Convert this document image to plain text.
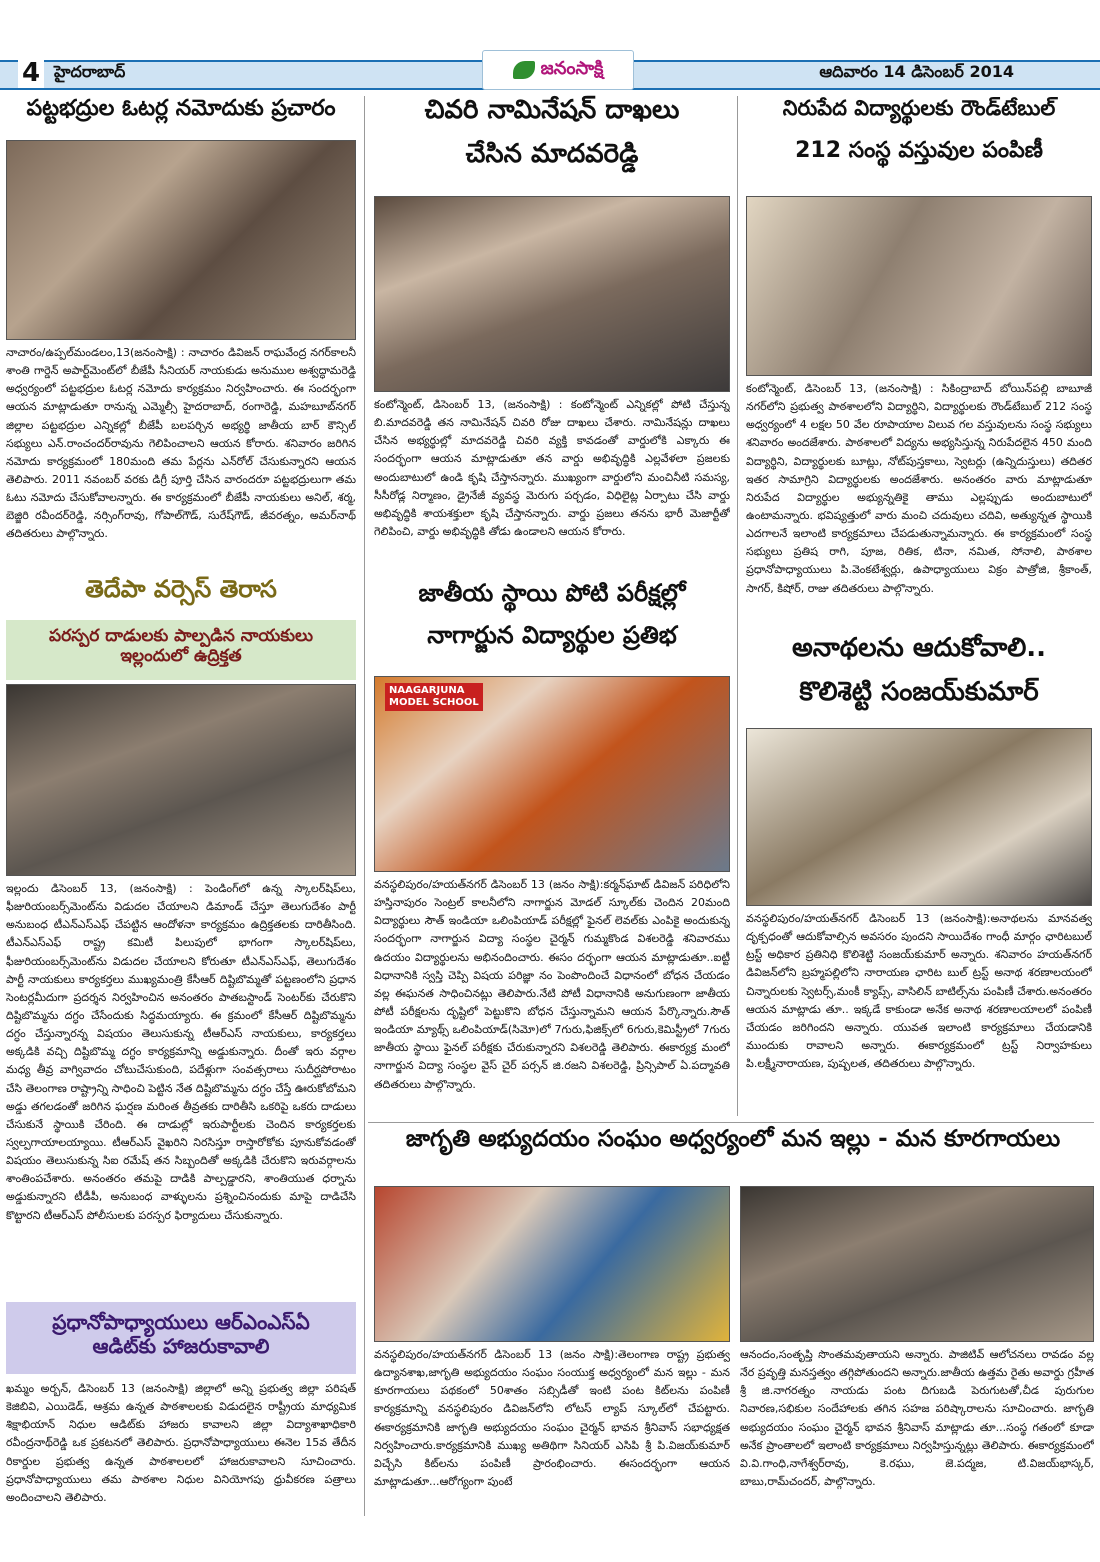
4 హైదరాబాద్	జనంసాక్షి	ఆదివారం 14 డిసెంబర్ 2014
పట్టభద్రుల ఓటర్ల నమోదుకు ప్రచారం
నాచారం/ఉప్పల్‌మండలం,13(జనంసాక్షి) : నాచారం డివిజన్ రాఘవేంద్ర నగర్‌కాలనీ శాంతి గార్డెన్ అపార్ట్‌మెంట్‌లో బీజేపీ సీనియర్ నాయకుడు అనుముల అశ్వద్ధామరెడ్డి అధ్వర్యంలో పట్టభద్రుల ఓటర్ల నమోదు కార్యక్రమం నిర్వహించారు. ఈ సందర్భంగా ఆయన మాట్లాడుతూ రానున్న ఎమ్మెల్సీ హైదరాబాద్, రంగారెడ్డి, మహబూబ్‌నగర్ జిల్లాల పట్టభద్రుల ఎన్నికల్లో బీజేపీ బలపర్చిన అభ్యర్థి జాతీయ బార్ కౌన్సిల్ సభ్యులు ఎన్.రాంచందర్‌రావును గెలిపించాలని ఆయన కోరారు. శనివారం జరిగిన నమోదు కార్యక్రమంలో 180మంది తమ పేర్లను ఎన్‌రోల్ చేసుకున్నారని ఆయన తెలిపారు. 2011 నవంబర్ వరకు డిగ్రీ పూర్తి చేసిన వారందరూ పట్టభద్రులుగా తమ ఓటు నమోదు చేసుకోవాలన్నారు. ఈ కార్యక్రమంలో బీజేపీ నాయకులు అనిల్, శర్మ, బెజ్జిరి రవీందర్‌రెడ్డి, నర్సింగ్‌రావు, గోపాల్‌గౌడ్, సురేష్‌గౌడ్, జీవరత్నం, అమర్‌నాథ్ తదితరులు పాల్గొన్నారు.
తెదేపా వర్సెస్ తెరాస
పరస్పర దాడులకు పాల్పడిన నాయకులు
ఇల్లందులో ఉద్రిక్తత
ఇల్లందు డిసెంబర్ 13, (జనంసాక్షి) : పెండింగ్‌లో ఉన్న స్కాలర్‌షిప్‌లు, ఫీజురియంబర్స్‌మెంట్‌ను విడుదల చేయాలని డిమాండ్ చేస్తూ తెలుగుదేశం పార్టీ అనుబంధ టీఎన్‌ఎస్‌ఎఫ్ చేపట్టిన ఆందోళనా కార్యక్రమం ఉద్రిక్తతలకు దారితీసింది. టీఎన్‌ఎస్‌ఎఫ్ రాష్ట్ర కమిటీ పిలుపులో భాగంగా స్కాలర్‌షిప్‌లు, ఫీజురియంబర్స్‌మెంట్‌ను విడుదల చేయాలని కోరుతూ టీఎన్‌ఎస్‌ఎఫ్, తెలుగుదేశం పార్టీ నాయకులు కార్యకర్తలు ముఖ్యమంత్రి కేసీఆర్ దిష్టిబొమ్మతో పట్టణంలోని ప్రధాన సెంటర్లమీదుగా ప్రదర్శన నిర్వహించిన అనంతరం పాతబస్టాండ్ సెంటర్‌కు చేరుకొని దిష్టిబొమ్మను దగ్ధం చేసేందుకు సిద్ధమయ్యారు. ఈ క్రమంలో కేసీఆర్ దిష్టిబొమ్మను దగ్ధం చేస్తున్నారన్న విషయం తెలుసుకున్న టీఆర్‌ఎస్ నాయకులు, కార్యకర్తలు అక్కడికి వచ్చి దిష్టిబొమ్మ దగ్ధం కార్యక్రమాన్ని అడ్డుకున్నారు. దీంతో ఇరు వర్గాల మధ్య తీవ్ర వాగ్వివాదం చోటుచేసుకుంది, పదేళ్లుగా సంవత్సరాలు సుదీర్ఘపోరాటం చేసి తెలంగాణ రాష్ట్రాన్ని సాధించి పెట్టిన నేత దిష్టిబొమ్మను దగ్ధం చేస్తే ఊరుకోబోమని అడ్డు తగలడంతో జరిగిన ఘర్షణ మరింత తీవ్రతకు దారితీసి ఒకరిపై ఒకరు దాడులు చేసుకునే స్థాయికి చేరింది. ఈ దాడుల్లో ఇరుపార్టీలకు చెందిన కార్యకర్తలకు స్వల్పగాయాలయ్యాయి. టీఆర్‌ఎస్ వైఖరిని నిరసిస్తూ రాస్తారోకోకు పూనుకోవడంతో విషయం తెలుసుకున్న సిఐ రమేష్ తన సిబ్బందితో అక్కడికి చేరుకొని ఇరువర్గాలను శాంతింపచేశారు. అనంతరం తమపై దాడికి పాల్పడ్డారని, శాంతియుత ధర్నాను అడ్డుకున్నారని టీడీపీ, అనుబంధ వాళ్ళులను ప్రశ్నించినందుకు మాపై దాడిచేసి కొట్టారని టీఆర్‌ఎస్ పోలీసులకు పరస్పర ఫిర్యాదులు చేసుకున్నారు.
ప్రధానోపాధ్యాయులు ఆర్‌ఎంఎస్‌ఏ
ఆడిట్‌కు హాజరుకావాలి
ఖమ్మం అర్బన్, డిసెంబర్ 13 (జనంసాక్షి) జిల్లాలో అన్ని ప్రభుత్వ జిల్లా పరిషత్ కెజిబివి, ఎయిడెడ్, ఆశ్రమ ఉన్నత పాఠశాలలకు విడుదలైన రాష్ట్రీయ మాధ్యమిక శిక్షాభియాన్ నిధుల ఆడిట్‌కు హాజరు కావాలని జిల్లా విద్యాశాఖాధికారి రవీంద్రనాథ్‌రెడ్డి ఒక ప్రకటనలో తెలిపారు. ప్రధానోపాధ్యాయులు ఈనెల 15వ తేదీన రికార్డుల ప్రభుత్వ ఉన్నత పాఠశాలలలో హాజరుకావాలని సూచించారు. ప్రధానోపాధ్యాయులు తమ పాఠశాల నిధుల వినియోగపు ధ్రువీకరణ పత్రాలు అందించాలని తెలిపారు.
చివరి నామినేషన్ దాఖలు
చేసిన మాదవరెడ్డి
కంటోన్మెంట్, డిసెంబర్ 13, (జనంసాక్షి) : కంటోన్మెంట్ ఎన్నికల్లో పోటి చేస్తున్న బి.మాదవరెడ్డి తన నామినేషన్ చివరి రోజు దాఖలు చేశారు. నామినేషన్లు దాఖలు చేసిన అభ్యర్థుల్లో మాదవరెడ్డి చివరి వ్యక్తి కావడంతో వార్డులోకి ఎక్కారు ఈ సందర్భంగా ఆయన మాట్లాడుతూ తన వార్డు అభివృద్ధికి ఎల్లవేళలా ప్రజలకు అందుబాటులో ఉండి కృషి చేస్తానన్నారు. ముఖ్యంగా వార్డులోని మంచినీటి సమస్య, సీసీరోడ్ల నిర్మాణం, డ్రైనేజీ వ్యవస్థ మెరుగు పర్చడం, విధిలైట్ల ఏర్పాటు చేసి వార్డు అభివృద్ధికి శాయశక్తులా కృషి చేస్తానన్నారు. వార్డు ప్రజలు తనను భారీ మెజార్టీతో గెలిపించి, వార్డు అభివృద్ధికి తోడు ఉండాలని ఆయన కోరారు.
జాతీయ స్థాయి పోటి పరీక్షల్లో
నాగార్జున విద్యార్థుల ప్రతిభ
NAAGARJUNA
MODEL SCHOOL
వనస్థలిపురం/హయత్‌నగర్ డిసెంబర్ 13 (జనం సాక్షి):కర్మన్‌ఘాట్ డివిజన్ పరిధిలోని హస్తినాపురం సెంట్రల్ కాలనీలోని నాగార్జున మోడల్ స్కూల్‌కు చెందిన 20మంది విద్యార్థులు సౌత్ ఇండియా ఒలింపియాడ్ పరీక్షల్లో ఫైనల్ లెవల్‌కు ఎంపికై అందుకున్న సందర్భంగా నాగార్జున విద్యా సంస్థల చైర్మన్ గుమ్మకొండ విశలరెడ్డి శనివారము ఉదయం విద్యార్థులను అభినందించారు. ఈసం దర్భంగా ఆయన మాట్లాడుతూ..ఐట్టీ విధానానికి స్వస్తి చెప్పి విషయ పరిజ్ఞా నం పెంపొందించే విధానంలో బోధన చేయడం వల్ల ఈఘనత సాధించినట్లు తెలిపారు.నేటి పోటీ విధానానికి అనుగుణంగా జాతీయ పోటీ పరీక్షలను దృష్టిలో పెట్టుకొని బోధన చేస్తున్నామని ఆయన పేర్కొన్నారు.సౌత్ ఇండియా మ్యాథ్స్ ఒలింపియాడ్(సిమో)లో 7గురు,ఫిజిక్స్‌లో 6గురు,కెమిస్ట్రీలో 7గురు జాతీయ స్థాయి ఫైనల్ పరీక్షకు చేరుకున్నారని విశలరెడ్డి తెలిపారు. ఈకార్యక్ర మంలో నాగార్జున విద్యా సంస్థల వైస్ చైర్ పర్సన్ జి.రజని విశలరెడ్డి, ప్రిన్సిపాల్ ఏ.పద్మావతి తదితరులు పాల్గొన్నారు.
నిరుపేద విద్యార్థులకు రౌండ్‌టేబుల్
212 సంస్థ వస్తువుల పంపిణీ
కంటోన్మెంట్, డిసెంబర్ 13, (జనంసాక్షి) : సికింద్రాబాద్ బోయిన్‌పల్లి బాబూజీ నగర్‌లోని ప్రభుత్వ పాఠశాలలోని విద్యార్థిని, విద్యార్థులకు రౌండ్‌టేబుల్ 212 సంస్థ అధ్వర్యంలో 4 లక్షల 50 వేల రూపాయాల విలువ గల వస్తువులను సంస్థ సభ్యులు శనివారం అందజేశారు. పాఠశాలలో విద్యను అభ్యసిస్తున్న నిరుపేదలైన 450 మంది విద్యార్థిని, విద్యార్థులకు బూట్లు, నోట్‌పుస్తకాలు, స్వెటర్లు (ఉన్నిదుస్తులు) తదితర ఇతర సామాగ్రిని విద్యార్థులకు అందజేశారు. అనంతరం వారు మాట్లాడుతూ నిరుపేద విద్యార్థుల అభ్యున్నతికై తాము ఎల్లప్పుడు అందుబాటులో ఉంటామన్నారు. భవిష్యత్తులో వారు మంచి చదువులు చదివి, అత్యున్నత స్థాయికి ఎదగాలనే ఇలాంటి కార్యక్రమాలు చేపడుతున్నామన్నారు. ఈ కార్యక్రమంలో సంస్థ సభ్యులు ప్రతిష రాగి, పూజ, రితిక, టినా, నమిత, సోనాలి, పాఠశాల ప్రధానోపాధ్యాయులు పి.వెంకటేశ్వర్లు, ఉపాధ్యాయులు విక్రం పాత్రోజి, శ్రీకాంత్, సాగర్, కిషోర్, రాజు తదితరులు పాల్గొన్నారు.
అనాథలను ఆదుకోవాలి..
కొలిశెట్టి సంజయ్‌కుమార్
వనస్థలిపురం/హయత్‌నగర్ డిసెంబర్ 13 (జనంసాక్షి):అనాథలను మానవత్వ దృక్పధంతో ఆదుకోవాల్సిన అవసరం పుందని సాయిదేశం గాంధీ మార్గం ఛారిటబుల్ ట్రస్ట్ అధికార ప్రతినిధి కొలిశెట్టి సంజయ్‌కుమార్ అన్నారు. శనివారం హయత్‌నగర్ డివిజన్‌లోని బ్రహ్మపల్లిలోని నారాయణ ఛారిట బుల్ ట్రస్ట్ అనాథ శరణాలయంలో చిన్నారులకు స్వెటర్స్,మంకీ క్యాప్స్, వాసిలిన్ బాటిల్స్‌ను పంపిణీ చేశారు.అనంతరం ఆయన మాట్లాడు తూ.. ఇక్కడే కాకుండా అనేక అనాథ శరణాలయాలలో పంపిణీ చేయడం జరిగిందని అన్నారు. యువత ఇలాంటి కార్యక్రమాలు చేయడానికి ముందుకు రావాలని అన్నారు. ఈకార్యక్రమంలో ట్రస్ట్ నిర్వాహకులు పి.లక్ష్మీనారాయణ, పుష్పలత, తదితరులు పాల్గొన్నారు.
జాగృతి అభ్యుదయం సంఘం అధ్వర్యంలో మన ఇల్లు - మన కూరగాయలు
వనస్థలిపురం/హయత్‌నగర్ డిసెంబర్ 13 (జనం సాక్షి):తెలంగాణ రాష్ట్ర ప్రభుత్వ ఉద్యానశాఖ,జాగృతి అభ్యుదయం సంఘం సంయుక్త అధ్వర్యంలో మన ఇల్లు - మన కూరగాయలు పథకంలో 50శాతం సబ్సిడీతో ఇంటి పంట కిట్‌లను పంపిణీ కార్యక్రమాన్ని వనస్థలిపురం డివిజన్‌లోని లోటస్ ల్యాప్ స్కూల్‌లో చేపట్టారు. ఈకార్యక్రమానికి జాగృతి అభ్యుదయం సంఘం చైర్మన్ భావన శ్రీనివాస్ సభాధ్యక్షత నిర్వహించారు.కార్యక్రమానికి ముఖ్య అతిథిగా సినియర్ ఎసిపి శ్రీ పి.విజయ్‌కుమార్ విచ్చేసి కిట్‌లను పంపిణీ ప్రారంభించారు. ఈసందర్భంగా ఆయన మాట్లాడుతూ...ఆరోగ్యంగా పుంటే
ఆనందం,సంతృప్తి సొంతమవుతాయని అన్నారు. పాజిటివ్ ఆలోచనలు రావడం వల్ల నేర ప్రవృత్తి మనస్తత్వం తగ్గిపోతుందని అన్నారు.జాతీయ ఉత్తమ రైతు అవార్డు గ్రహీత శ్రీ జి.నాగరత్నం నాయడు పంట దిగుబడి పెరుగుటతో,చీడ పురుగుల నివారణ,సభికుల సందేహాలకు తగిన సహజ పరిష్కారాలను సూచించారు. జాగృతి అభ్యుదయం సంఘం చైర్మన్ భావన శ్రీనివాస్ మాట్లాడు తూ...సంస్థ గతంలో కూడా అనేక ప్రాంతాలలో ఇలాంటి కార్యక్రమాలు నిర్వహిస్తున్నట్లు తెలిపారు. ఈకార్యక్రమంలో వి.వి.గాంధి,నాగేశ్వర్‌రావు, కె.రఘు, జె.పద్మజ, టి.విజయ్‌భాస్కర్, బాబు,రామ్‌చందర్, పాల్గొన్నారు.
